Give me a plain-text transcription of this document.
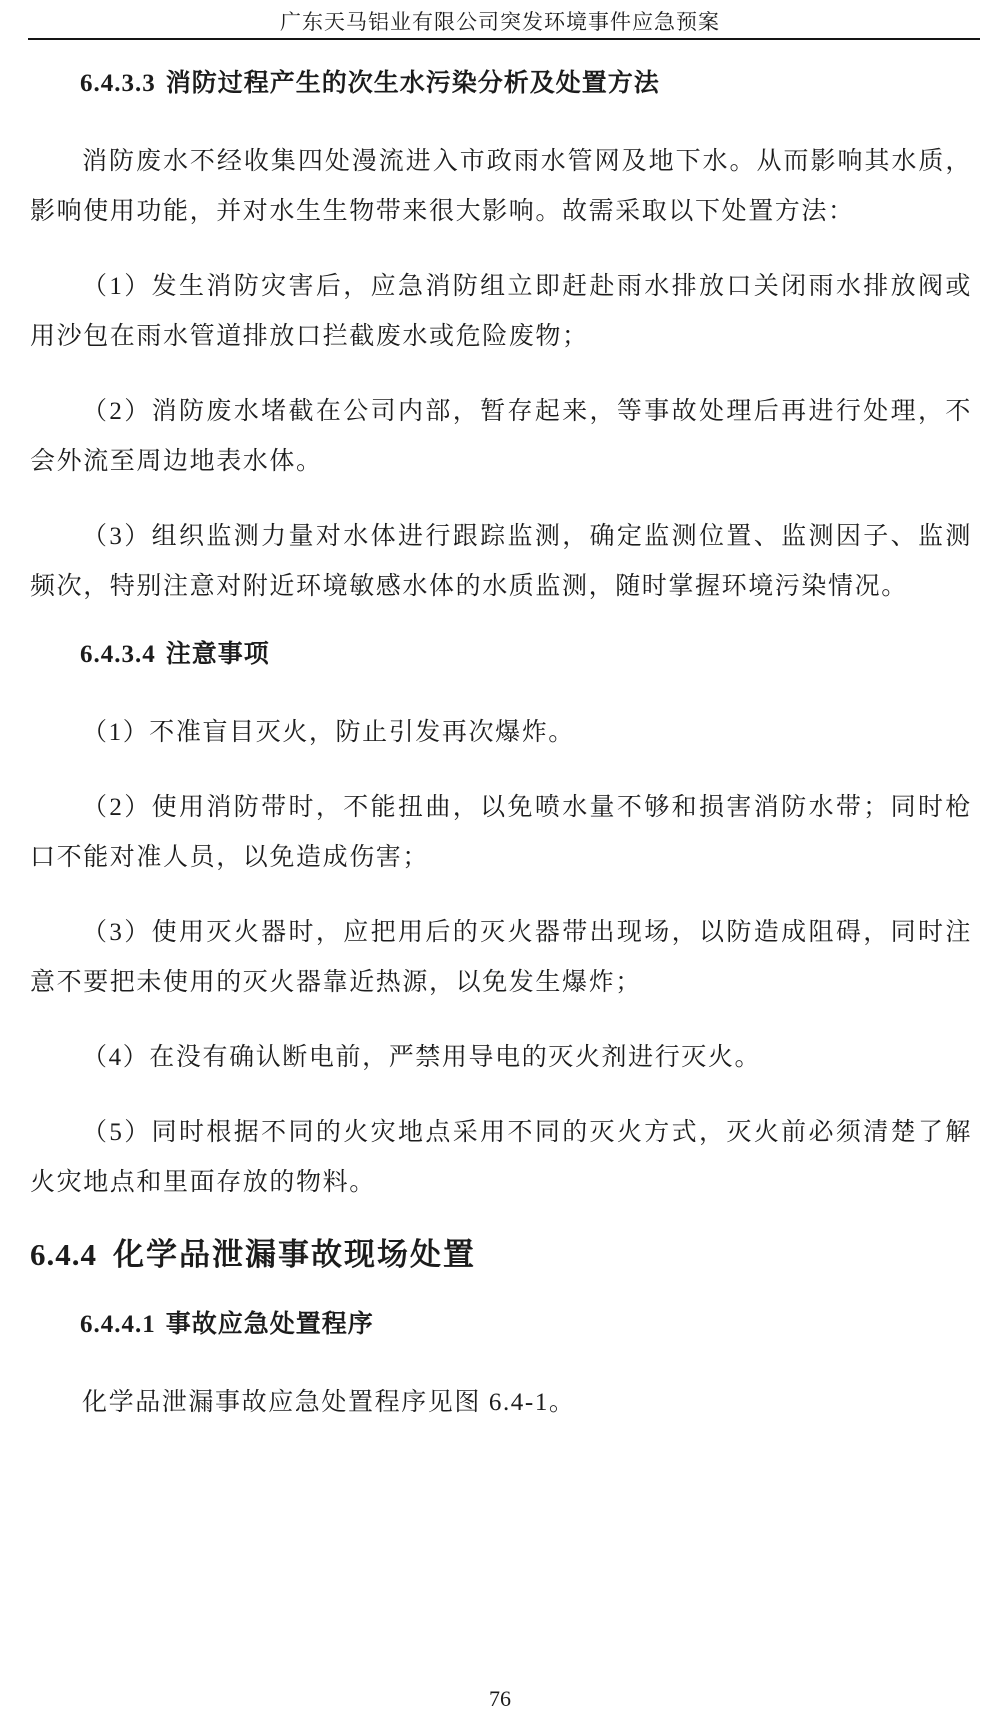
广东天马铝业有限公司突发环境事件应急预案
6.4.3.3 消防过程产生的次生水污染分析及处置方法

消防废水不经收集四处漫流进入市政雨水管网及地下水。从而影响其水质，影响使用功能，并对水生生物带来很大影响。故需采取以下处置方法：

（1）发生消防灾害后，应急消防组立即赶赴雨水排放口关闭雨水排放阀或用沙包在雨水管道排放口拦截废水或危险废物；

（2）消防废水堵截在公司内部，暂存起来，等事故处理后再进行处理，不会外流至周边地表水体。

（3）组织监测力量对水体进行跟踪监测，确定监测位置、监测因子、监测频次，特别注意对附近环境敏感水体的水质监测，随时掌握环境污染情况。

6.4.3.4 注意事项

（1）不准盲目灭火，防止引发再次爆炸。

（2）使用消防带时，不能扭曲，以免喷水量不够和损害消防水带；同时枪口不能对准人员，以免造成伤害；

（3）使用灭火器时，应把用后的灭火器带出现场，以防造成阻碍，同时注意不要把未使用的灭火器靠近热源，以免发生爆炸；

（4）在没有确认断电前，严禁用导电的灭火剂进行灭火。

（5）同时根据不同的火灾地点采用不同的灭火方式，灭火前必须清楚了解火灾地点和里面存放的物料。

6.4.4 化学品泄漏事故现场处置
6.4.4.1 事故应急处置程序

化学品泄漏事故应急处置程序见图 6.4-1。

76
